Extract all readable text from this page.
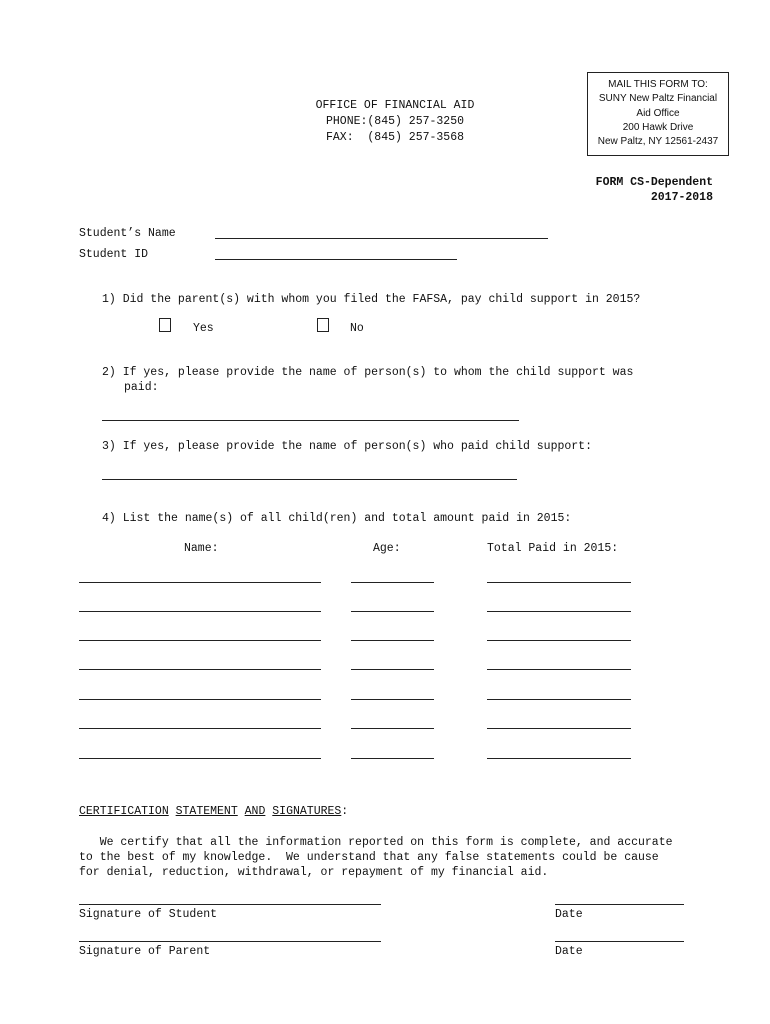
MAIL THIS FORM TO:
SUNY New Paltz Financial
Aid Office
200 Hawk Drive
New Paltz, NY 12561-2437
OFFICE OF FINANCIAL AID
PHONE:(845) 257-3250
FAX:  (845) 257-3568
FORM CS-Dependent
2017-2018
Student’s Name
Student ID
1) Did the parent(s) with whom you filed the FAFSA, pay child support in 2015?
Yes	No
2) If yes, please provide the name of person(s) to whom the child support was
paid:
3) If yes, please provide the name of person(s) who paid child support:
4) List the name(s) of all child(ren) and total amount paid in 2015:
Name:	Age:	Total Paid in 2015:
CERTIFICATION STATEMENT AND SIGNATURES:
We certify that all the information reported on this form is complete, and accurate
to the best of my knowledge.  We understand that any false statements could be cause
for denial, reduction, withdrawal, or repayment of my financial aid.
Signature of Student	Date
Signature of Parent	Date
